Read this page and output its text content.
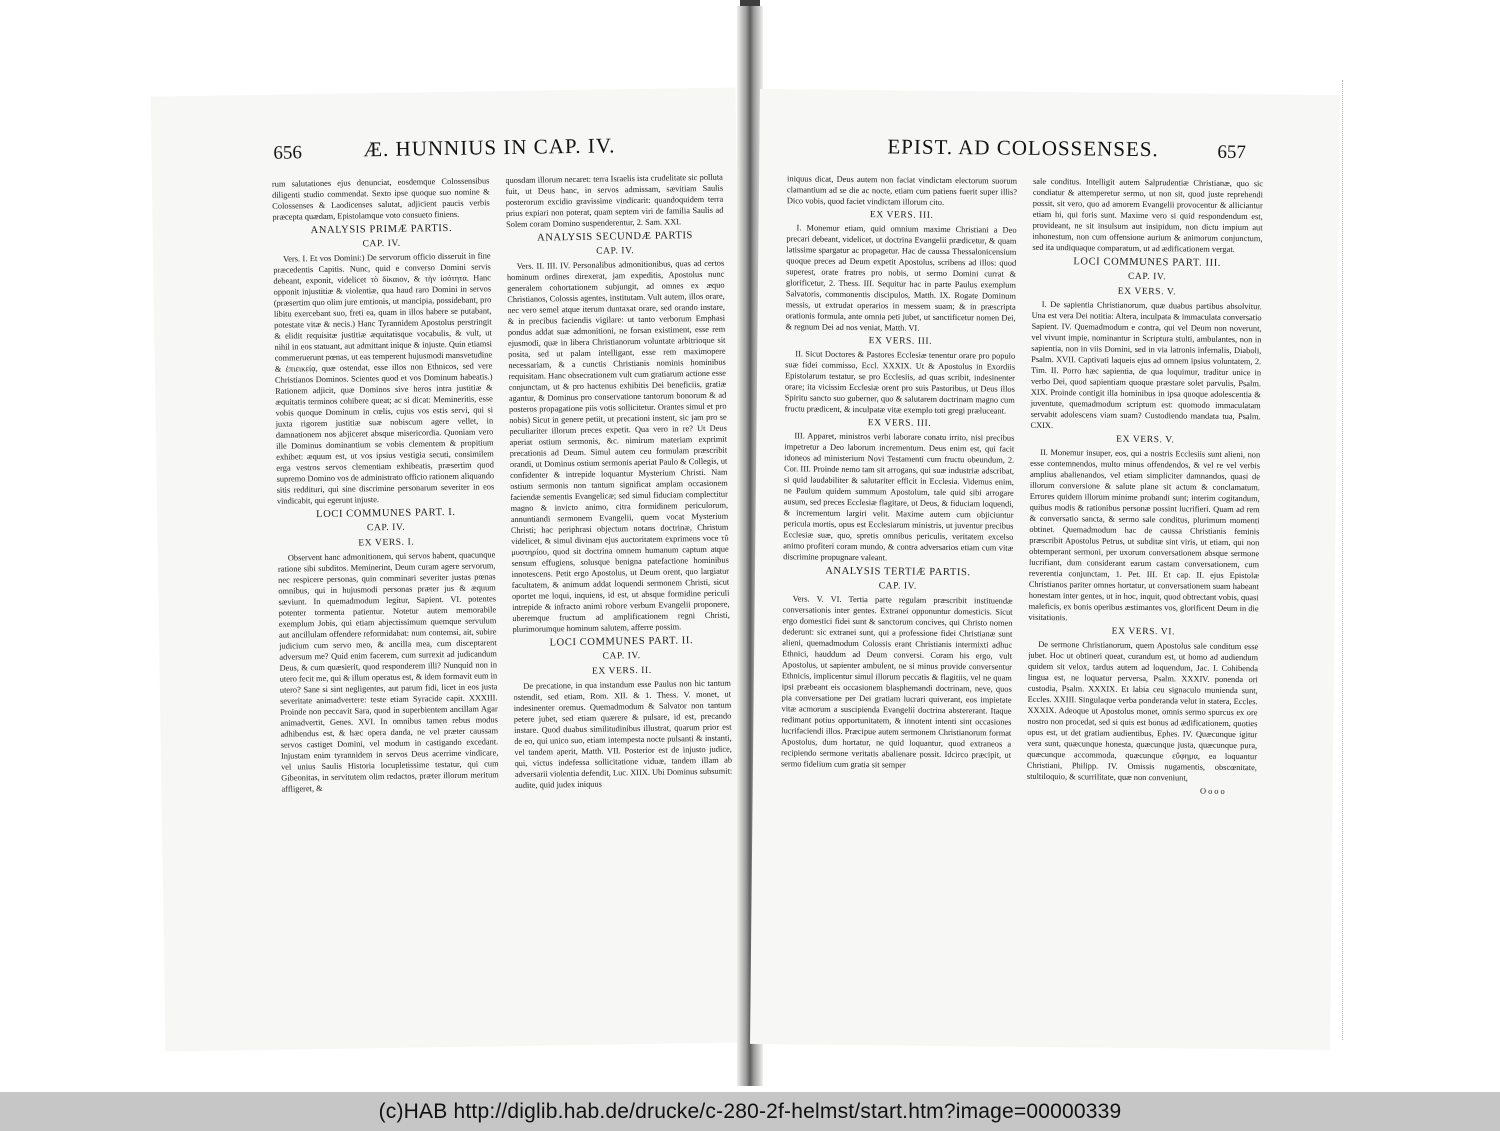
656	Æ. HUNNIUS IN CAP. IV.

rum salutationes ejus denunciat, eosdemque Colossensibus diligenti studio commendat. Sexto ipse quoque suo nomine & Colossenses & Laodicenses salutat, adjicient paucis verbis præcepta quædam, Epistolamque voto consueto finiens.

ANALYSIS PRIMÆ PARTIS.
CAP. IV.

Vers. I. Et vos Domini:) De servorum officio disseruit in fine præcedentis Capitis. Nunc, quid e converso Domini servis debeant, exponit, videlicet τὸ δίκαιον, & τὴν ἰσότητα. Hanc opponit injustitiæ & violentiæ, qua haud raro Domini in servos (præsertim quo olim jure emtionis, ut mancipia, possidebant, pro libitu exercebant suo, freti ea, quam in illos habere se putabant, potestate vitæ & necis.) Hanc Tyrannidem Apostolus perstringit & elidit requisitæ justitiæ æquitatisque vocabulis, & vult, ut nihil in eos statuant, aut admittant inique & injuste. Quin etiamsi commeruerunt pœnas, ut eas temperent hujusmodi mansvetudine & ἐπιεικείᾳ, quæ ostendat, esse illos non Ethnicos, sed vere Christianos Dominos. Scientes quod et vos Dominum habeatis.) Rationem adjicit, quæ Dominos sive heros intra justitiæ & æquitatis terminos cohibere queat; ac si dicat: Memineritis, esse vobis quoque Dominum in cœlis, cujus vos estis servi, qui si juxta rigorem justitiæ suæ nobiscum agere vellet, in damnationem nos abjiceret absque misericordia. Quoniam vero ille Dominus dominantium se vobis clementem & propitium exhibet: æquum est, ut vos ipsius vestigia secuti, consimilem erga vestros servos clementiam exhibeatis, præsertim quod supremo Domino vos de administrato officio rationem aliquando sitis reddituri, qui sine discrimine personarum severiter in eos vindicabit, qui egerunt injuste.

LOCI COMMUNES PART. I.
CAP. IV.
EX VERS. I.

Observent hanc admonitionem, qui servos habent, quacunque ratione sibi subditos. Meminerint, Deum curam agere servorum, nec respicere personas, quin comminari severiter justas pœnas omnibus, qui in hujusmodi personas præter jus & æquum sæviunt. In quemadmodum legitur, Sapient. VI. potentes potenter tormenta patientur. Notetur autem memorabile exemplum Jobis, qui etiam abjectissimum quemque servulum aut ancillulam offendere reformidabat: num contemsi, ait, subire judicium cum servo meo, & ancilla mea, cum disceptarent adversum me? Quid enim facerem, cum surrexit ad judicandum Deus, & cum quæsierit, quod responderem illi? Nunquid non in utero fecit me, qui & illum operatus est, & idem formavit eum in utero? Sane si sint negligentes, aut parum fidi, licet in eos justa severitate animadvertere: teste etiam Syracide capit. XXXIII. Proinde non peccavit Sara, quod in superbientem ancillam Agar animadvertit, Genes. XVI. In omnibus tamen rebus modus adhibendus est, & hæc opera danda, ne vel præter caussam servos castiget Domini, vel modum in castigando excedant. Injustam enim tyrannidem in servos Deus acerrime vindicare, vel unius Saulis Historia locupletissime testatur, qui cum Gibeonitas, in servitutem olim redactos, præter illorum meritum affligeret, &

quosdam illorum necaret: terra Israelis ista crudelitate sic polluta fuit, ut Deus hanc, in servos admissam, sævitiam Saulis posterorum excidio gravissime vindicarit: quandoquidem terra prius expiari non poterat, quam septem viri de familia Saulis ad Solem coram Domino suspenderentur, 2. Sam. XXI.

ANALYSIS SECUNDÆ PARTIS
CAP. IV.

Vers. II. III. IV. Personalibus admonitionibus, quas ad certos hominum ordines direxerat, jam expeditis, Apostolus nunc generalem cohortationem subjungit, ad omnes ex æquo Christianos, Colossis agentes, institutam. Vult autem, illos orare, nec vero semel atque iterum duntaxat orare, sed orando instare, & in precibus faciendis vigilare: ut tanto verborum Emphasi pondus addat suæ admonitioni, ne forsan existiment, esse rem ejusmodi, quæ in libera Christianorum voluntate arbitrioque sit posita, sed ut palam intelligant, esse rem maximopere necessariam, & a cunctis Christianis nominis hominibus requisitam. Hanc obsecrationem vult cum gratiarum actione esse conjunctam, ut & pro hactenus exhibitis Dei beneficiis, gratiæ agantur, & Dominus pro conservatione tantorum bonorum & ad posteros propagatione piis votis sollicitetur. Orantes simul et pro nobis) Sicut in genere petiit, ut precationi instent, sic jam pro se peculiariter illorum preces expetit. Qua vero in re? Ut Deus aperiat ostium sermonis, &c. nimirum materiam exprimit precationis ad Deum. Simul autem ceu formulam præscribit orandi, ut Dominus ostium sermonis aperiat Paulo & Collegis, ut confidenter & intrepide loquantur Mysterium Christi. Nam ostium sermonis non tantum significat amplam occasionem faciendæ sementis Evangelicæ; sed simul fiduciam complectitur magno & invicto animo, citra formidinem periculorum, annuntiandi sermonem Evangelii, quem vocat Mysterium Christi; hac periphrasi objectum notans doctrinæ, Christum videlicet, & simul divinam ejus auctoritatem exprimens voce τῦ μυστηρίου, quod sit doctrina omnem humanum captum atque sensum effugiens, solusque benigna patefactione hominibus innotescens. Petit ergo Apostolus, ut Deum orent, quo largiatur facultatem, & animum addat loquendi sermonem Christi, sicut oportet me loqui, inquiens, id est, ut absque formidine periculi intrepide & infracto animi robore verbum Evangelii proponere, uberemque fructum ad amplificationem regni Christi, plurimorumque hominum salutem, afferre possim.

LOCI COMMUNES PART. II.
CAP. IV.
EX VERS. II.

De precatione, in qua instandum esse Paulus non hic tantum ostendit, sed etiam, Rom. XII. & 1. Thess. V. monet, ut indesinenter oremus. Quemadmodum & Salvator non tantum petere jubet, sed etiam quærere & pulsare, id est, precando instare. Quod duabus similitudinibus illustrat, quarum prior est de eo, qui unico suo, etiam intempesta nocte pulsanti & instanti, vel tandem aperit, Matth. VII. Posterior est de injusto judice, qui, victus indefessa sollicitatione viduæ, tandem illam ab adversarii violentia defendit, Luc. XIIX. Ubi Dominus subsumit: audite, quid judex iniquus

EPIST. AD COLOSSENSES.	657

iniquus dicat, Deus autem non faciat vindictam electorum suorum clamantium ad se die ac nocte, etiam cum patiens fuerit super illis? Dico vobis, quod faciet vindictam illorum cito.

EX VERS. III.

I. Monemur etiam, quid omnium maxime Christiani a Deo precari debeant, videlicet, ut doctrina Evangelii prædicetur, & quam latissime spargatur ac propagetur. Hac de caussa Thessalonicensium quoque preces ad Deum expetit Apostolus, scribens ad illos: quod superest, orate fratres pro nobis, ut sermo Domini currat & glorificetur, 2. Thess. III. Sequitur hac in parte Paulus exemplum Salvatoris, commonentis discipulos, Matth. IX. Rogate Dominum messis, ut extrudat operarios in messem suam; & in præscripta orationis formula, ante omnia peti jubet, ut sanctificetur nomen Dei, & regnum Dei ad nos veniat, Matth. VI.

EX VERS. III.

II. Sicut Doctores & Pastores Ecclesiæ tenentur orare pro populo suæ fidei commisso, Eccl. XXXIX. Ut & Apostolus in Exordiis Epistolarum testatur, se pro Ecclesiis, ad quas scribit, indesinenter orare; ita vicissim Ecclesiæ orent pro suis Pastoribus, ut Deus illos Spiritu sancto suo guberner, quo & salutarem doctrinam magno cum fructu prædicent, & inculpatæ vitæ exemplo toti gregi præluceant.

EX VERS. III.

III. Apparet, ministros verbi laborare conatu irrito, nisi precibus impetretur a Deo laborum incrementum. Deus enim est, qui facit idoneos ad ministerium Novi Testamenti cum fructu obeundum, 2. Cor. III. Proinde nemo tam sit arrogans, qui suæ industriæ adscribat, si quid laudabiliter & salutariter efficit in Ecclesia. Videmus enim, ne Paulum quidem summum Apostolum, tale quid sibi arrogare ausum, sed preces Ecclesiæ flagitare, ut Deus, & fiduciam loquendi, & incrementum largiri velit. Maxime autem cum objiciuntur pericula mortis, opus est Ecclesiarum ministris, ut juventur precibus Ecclesiæ suæ, quo, spretis omnibus periculis, veritatem excelso animo profiteri coram mundo, & contra adversarios etiam cum vitæ discrimine propugnare valeant.

ANALYSIS TERTIÆ PARTIS.
CAP. IV.

Vers. V. VI. Tertia parte regulam præscribit instituendæ conversationis inter gentes. Extranei opponuntur domesticis. Sicut ergo domestici fidei sunt & sanctorum concives, qui Christo nomen dederunt: sic extranei sunt, qui a professione fidei Christianæ sunt alieni, quemadmodum Colossis erant Christianis intermixti adhuc Ethnici, hauddum ad Deum conversi. Coram his ergo, vult Apostolus, ut sapienter ambulent, ne si minus provide conversentur Ethnicis, implicentur simul illorum peccatis & flagitiis, vel ne quam ipsi præbeant eis occasionem blasphemandi doctrinam, neve, quos pia conversatione per Dei gratiam lucrari quiverant, eos impietate vitæ acmorum a suscipienda Evangelii doctrina abstererant. Itaque redimant potius opportunitatem, & innotent intenti sint occasiones lucrifaciendi illos. Præcipue autem sermonem Christianorum format Apostolus, dum hortatur, ne quid loquantur, quod extraneos a recipiendo sermone veritatis abalienare possit. Idcirco præcipit, ut sermo fidelium cum gratia sit semper

sale conditus. Intelligit autem Salprudentiæ Christianæ, quo sic condiatur & attemperetur sermo, ut non sit, quod juste reprehendi possit, sit vero, quo ad amorem Evangelii provocentur & alliciantur etiam hi, qui foris sunt. Maxime vero si quid respondendum est, provideant, ne sit insulsum aut insipidum, non dictu impium aut inhonestum, non cum offensione aurium & animorum conjunctum, sed ita undiquaque comparatum, ut ad ædificationem vergat.

LOCI COMMUNES PART. III.
CAP. IV.
EX VERS. V.

I. De sapientia Christianorum, quæ duabus partibus absolvitur. Una est vera Dei notitia: Altera, inculpata & immaculata conversatio Sapient. IV. Quemadmodum e contra, qui vel Deum non noverunt, vel vivunt impie, nominantur in Scriptura stulti, ambulantes, non in sapientia, non in viis Domini, sed in via latronis infernalis, Diaboli, Psalm. XVII. Captivati laqueis ejus ad omnem ipsius voluntatem, 2. Tim. II. Porro hæc sapientia, de qua loquimur, traditur unice in verbo Dei, quod sapientiam quoque præstare solet parvulis, Psalm. XIX. Proinde contigit illa hominibus in ipsa quoque adolescentia & juventute, quemadmodum scriptum est: quomodo immaculatam servabit adolescens viam suam? Custodiendo mandata tua, Psalm. CXIX.

EX VERS. V.

II. Monemur insuper, eos, qui a nostris Ecclesiis sunt alieni, non esse contemnendos, multo minus offendendos, & vel re vel verbis amplius abalienandos, vel etiam simpliciter damnandos, quasi de illorum conversione & salute plane sit actum & conclamatum. Errores quidem illorum minime probandi sunt; interim cogitandum, quibus modis & rationibus personæ possint lucrifieri. Quam ad rem & conversatio sancta, & sermo sale conditus, plurimum momenti obtinet. Quemadmodum hac de caussa Christianis feminis præscribit Apostolus Petrus, ut subditæ sint viris, ut etiam, qui non obtemperant sermoni, per uxorum conversationem absque sermone lucrifiant, dum considerant earum castam conversationem, cum reverentia conjunctam, 1. Pet. III. Et cap. II. ejus Epistolæ Christianos pariter omnes hortatur, ut conversationem suam habeant honestam inter gentes, ut in hoc, inquit, quod obtrectant vobis, quasi maleficis, ex bonis operibus æstimantes vos, glorificent Deum in die visitationis.

EX VERS. VI.

De sermone Christianorum, quem Apostolus sale conditum esse jubet. Hoc ut obtineri queat, curandum est, ut homo ad audiendum quidem sit velox, tardus autem ad loquendum, Jac. I. Cohibenda lingua est, ne loquatur perversa, Psalm. XXXIV. ponenda ori custodia, Psalm. XXXIX. Et labia ceu signaculo munienda sunt, Eccles. XXIII. Singulaque verba ponderanda velut in statera, Eccles. XXXIX. Adeoque ut Apostolus monet, omnis sermo spurcus ex ore nostro non procedat, sed si quis est bonus ad ædificationem, quoties opus est, ut det gratiam audientibus, Ephes. IV. Quæcunque igitur vera sunt, quæcunque honesta, quæcunque justa, quæcunque pura, quæcunque accommoda, quæcunque εὔφημα, ea loquantur Christiani, Philipp. IV. Omissis nugamentis, obscœnitate, stultiloquio, & scurrilitate, quæ non conveniunt,

Oooo
(c)HAB http://diglib.hab.de/drucke/c-280-2f-helmst/start.htm?image=00000339
